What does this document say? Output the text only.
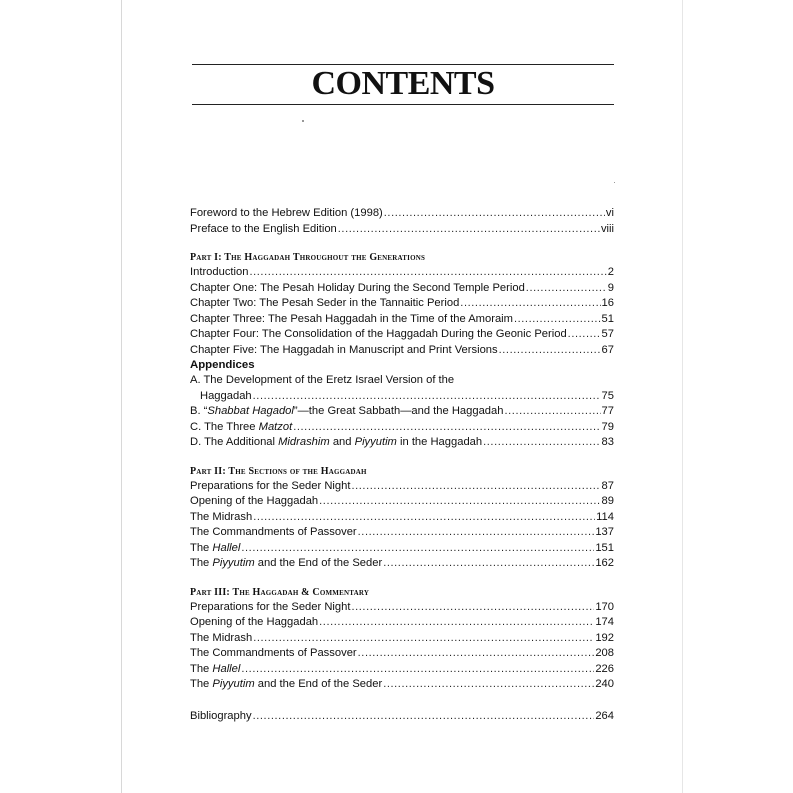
CONTENTS
Foreword to the Hebrew Edition (1998) .....	vi
Preface to the English Edition .....	viii
Part I: The Haggadah Throughout the Generations
Introduction .....	2
Chapter One: The Pesah Holiday During the Second Temple Period .....	9
Chapter Two: The Pesah Seder in the Tannaitic Period .....	16
Chapter Three: The Pesah Haggadah in the Time of the Amoraim .....	51
Chapter Four: The Consolidation of the Haggadah During the Geonic Period .....	57
Chapter Five: The Haggadah in Manuscript and Print Versions .....	67
Appendices
A. The Development of the Eretz Israel Version of the
Haggadah .....	75
B. “Shabbat Hagadol”—the Great Sabbath—and the Haggadah .....	77
C. The Three Matzot .....	79
D. The Additional Midrashim and Piyyutim in the Haggadah .....	83
Part II: The Sections of the Haggadah
Preparations for the Seder Night .....	87
Opening of the Haggadah .....	89
The Midrash .....	114
The Commandments of Passover .....	137
The Hallel .....	151
The Piyyutim and the End of the Seder .....	162
Part III: The Haggadah & Commentary
Preparations for the Seder Night .....	170
Opening of the Haggadah .....	174
The Midrash .....	192
The Commandments of Passover .....	208
The Hallel .....	226
The Piyyutim and the End of the Seder .....	240
Bibliography .....	264
